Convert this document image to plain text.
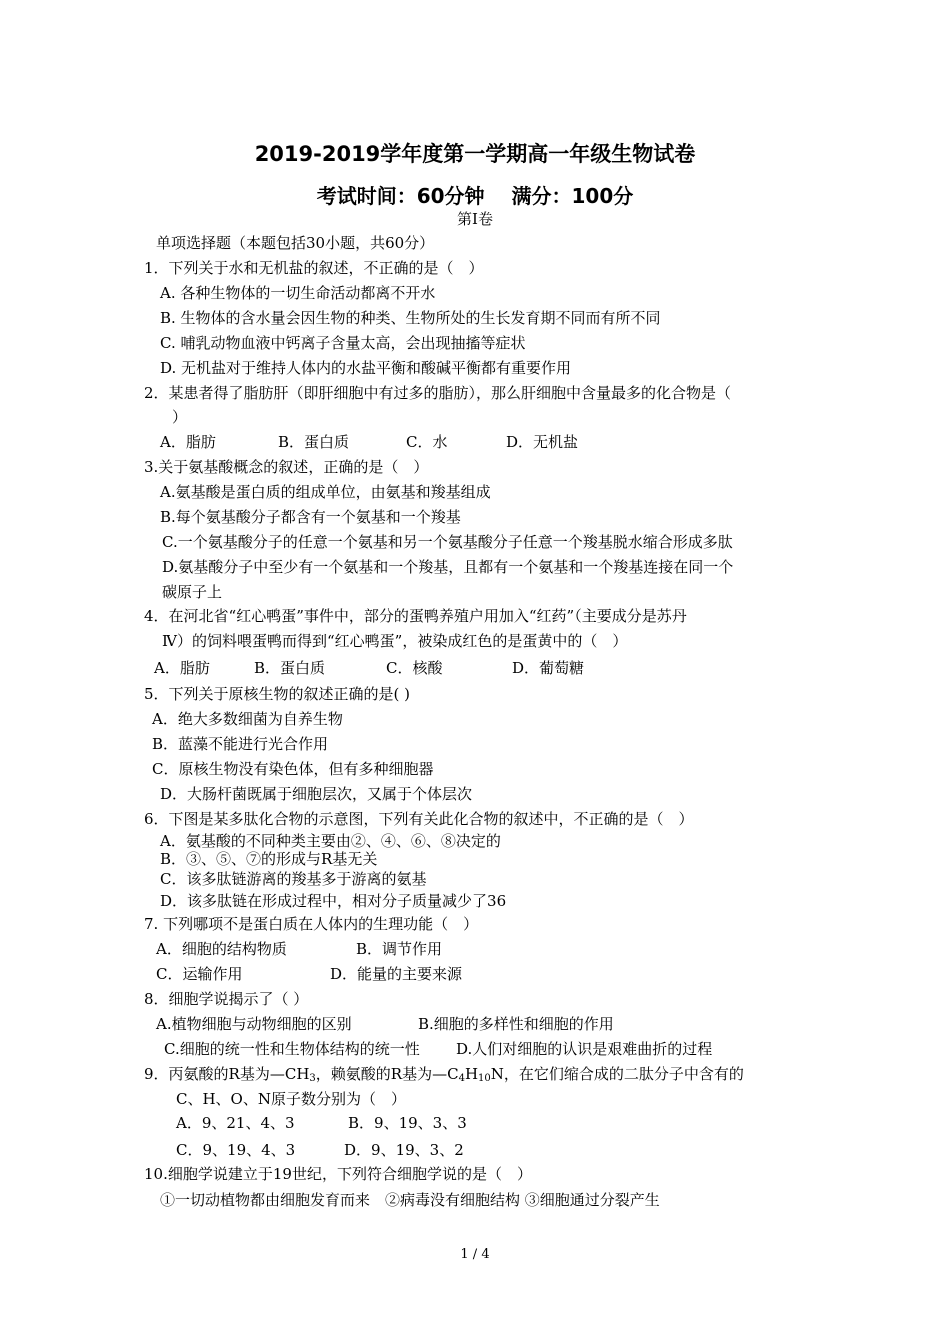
2019-2019学年度第一学期高一年级生物试卷
考试时间：60分钟　 满分：100分
第Ⅰ卷
单项选择题（本题包括30小题，共60分）
1．下列关于水和无机盐的叙述，不正确的是（　）
A. 各种生物体的一切生命活动都离不开水
B. 生物体的含水量会因生物的种类、生物所处的生长发育期不同而有所不同
C. 哺乳动物血液中钙离子含量太高，会出现抽搐等症状
D. 无机盐对于维持人体内的水盐平衡和酸碱平衡都有重要作用
2．某患者得了脂肪肝（即肝细胞中有过多的脂肪），那么肝细胞中含量最多的化合物是（
）
A．脂肪	B．蛋白质	C．水	D．无机盐
3.关于氨基酸概念的叙述，正确的是（　）
A.氨基酸是蛋白质的组成单位，由氨基和羧基组成
B.每个氨基酸分子都含有一个氨基和一个羧基
C.一个氨基酸分子的任意一个氨基和另一个氨基酸分子任意一个羧基脱水缩合形成多肽
D.氨基酸分子中至少有一个氨基和一个羧基，且都有一个氨基和一个羧基连接在同一个
碳原子上
4．在河北省“红心鸭蛋”事件中，部分的蛋鸭养殖户用加入“红药”（主要成分是苏丹
Ⅳ）的饲料喂蛋鸭而得到“红心鸭蛋”，被染成红色的是蛋黄中的（　）
A．脂肪	B．蛋白质	C．核酸	D．葡萄糖
5．下列关于原核生物的叙述正确的是( )
A．绝大多数细菌为自养生物
B．蓝藻不能进行光合作用
C．原核生物没有染色体，但有多种细胞器
D．大肠杆菌既属于细胞层次，又属于个体层次
6．下图是某多肽化合物的示意图，下列有关此化合物的叙述中，不正确的是（　）
A．氨基酸的不同种类主要由②、④、⑥、⑧决定的
B．③、⑤、⑦的形成与R基无关
C．该多肽链游离的羧基多于游离的氨基
D．该多肽链在形成过程中，相对分子质量减少了36
7. 下列哪项不是蛋白质在人体内的生理功能（　）
A．细胞的结构物质	B．调节作用
C．运输作用	D．能量的主要来源
8．细胞学说揭示了（ ）
A.植物细胞与动物细胞的区别	B.细胞的多样性和细胞的作用
C.细胞的统一性和生物体结构的统一性 D.人们对细胞的认识是艰难曲折的过程
9．丙氨酸的R基为$—CH_3$，赖氨酸的R基为$—C_4H_{10}N$，在它们缩合成的二肽分子中含有的
C、H、O、N原子数分别为（　）
A．9、21、4、3	B．9、19、3、3
C．9、19、4、3	D．9、19、3、2
10.细胞学说建立于19世纪，下列符合细胞学说的是（　）
①一切动植物都由细胞发育而来　②病毒没有细胞结构 ③细胞通过分裂产生
1 / 4
